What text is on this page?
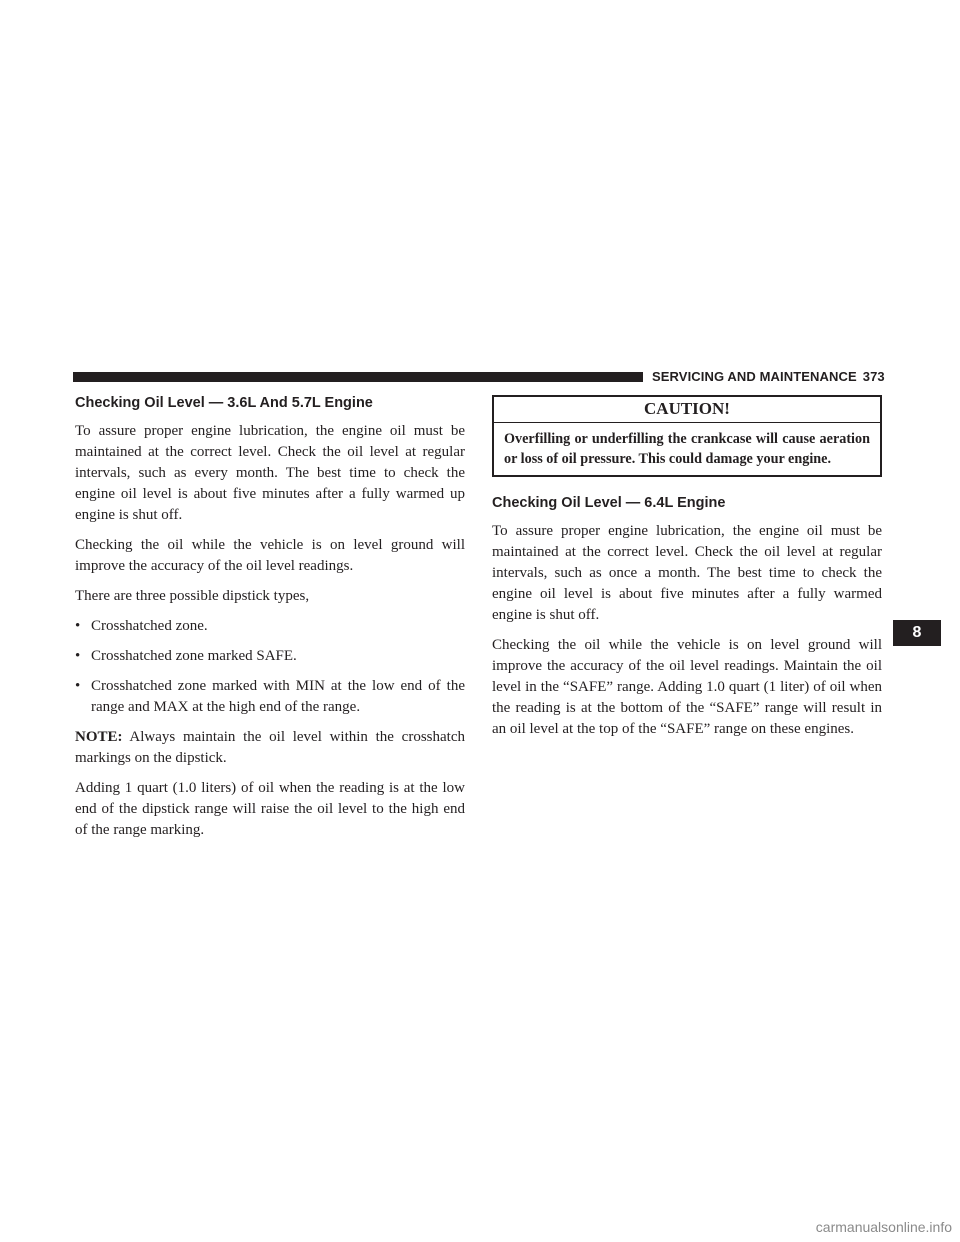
SERVICING AND MAINTENANCE 373
Checking Oil Level — 3.6L And 5.7L Engine

To assure proper engine lubrication, the engine oil must be maintained at the correct level. Check the oil level at regular intervals, such as every month. The best time to check the engine oil level is about five minutes after a fully warmed up engine is shut off.

Checking the oil while the vehicle is on level ground will improve the accuracy of the oil level readings.

There are three possible dipstick types,

• Crosshatched zone.
• Crosshatched zone marked SAFE.
• Crosshatched zone marked with MIN at the low end of the range and MAX at the high end of the range.

NOTE: Always maintain the oil level within the crosshatch markings on the dipstick.

Adding 1 quart (1.0 liters) of oil when the reading is at the low end of the dipstick range will raise the oil level to the high end of the range marking.

CAUTION!

Overfilling or underfilling the crankcase will cause aeration or loss of oil pressure. This could damage your engine.

Checking Oil Level — 6.4L Engine

To assure proper engine lubrication, the engine oil must be maintained at the correct level. Check the oil level at regular intervals, such as once a month. The best time to check the engine oil level is about five minutes after a fully warmed engine is shut off.

Checking the oil while the vehicle is on level ground will improve the accuracy of the oil level readings. Maintain the oil level in the “SAFE” range. Adding 1.0 quart (1 liter) of oil when the reading is at the bottom of the “SAFE” range will result in an oil level at the top of the “SAFE” range on these engines.

8
carmanualsonline.info
